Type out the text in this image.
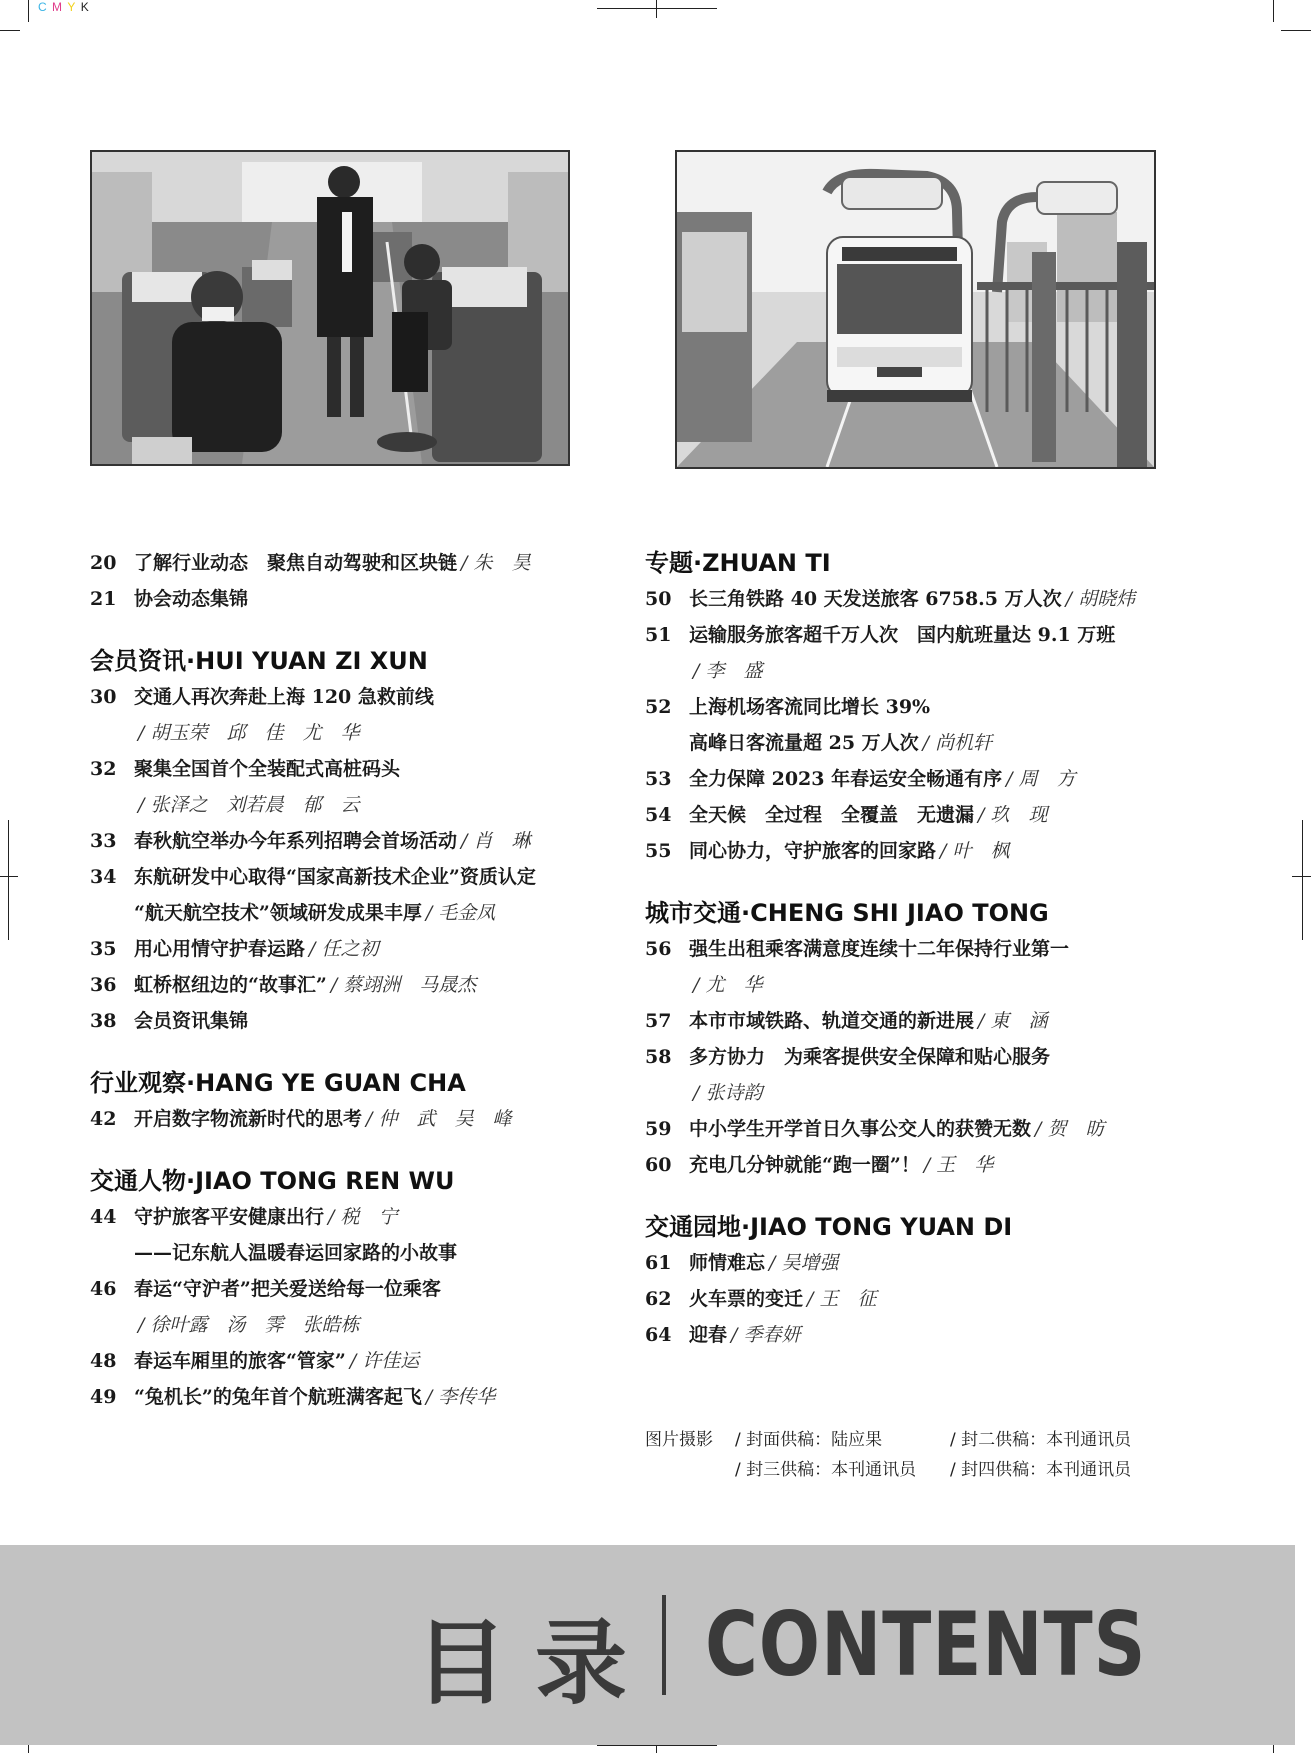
C M Y K
20 了解行业动态　聚焦自动驾驶和区块链 / 朱　昊
21 协会动态集锦
会员资讯·HUI YUAN ZI XUN
30 交通人再次奔赴上海 120 急救前线
/ 胡玉荣　邱　佳　尤　华
32 聚集全国首个全装配式高桩码头
/ 张泽之　刘若晨　郁　云
33 春秋航空举办今年系列招聘会首场活动 / 肖　琳
34 东航研发中心取得“国家高新技术企业”资质认定
“航天航空技术”领域研发成果丰厚 / 毛金凤
35 用心用情守护春运路 / 任之初
36 虹桥枢纽边的“故事汇” / 蔡翊洲　马晟杰
38 会员资讯集锦
行业观察·HANG YE GUAN CHA
42 开启数字物流新时代的思考 / 仲　武　吴　峰
交通人物·JIAO TONG REN WU
44 守护旅客平安健康出行 / 税　宁
——记东航人温暖春运回家路的小故事
46 春运“守沪者”把关爱送给每一位乘客
/ 徐叶露　汤　霁　张皓栋
48 春运车厢里的旅客“管家” / 许佳运
49 “兔机长”的兔年首个航班满客起飞 / 李传华
专题·ZHUAN TI
50 长三角铁路 40 天发送旅客 6758.5 万人次 / 胡晓炜
51 运输服务旅客超千万人次　国内航班量达 9.1 万班
/ 李　盛
52 上海机场客流同比增长 39%
高峰日客流量超 25 万人次 / 尚机轩
53 全力保障 2023 年春运安全畅通有序 / 周　方
54 全天候　全过程　全覆盖　无遗漏 / 玖　现
55 同心协力，守护旅客的回家路 / 叶　枫
城市交通·CHENG SHI JIAO TONG
56 强生出租乘客满意度连续十二年保持行业第一
/ 尤　华
57 本市市域铁路、轨道交通的新进展 / 東　涵
58 多方协力　为乘客提供安全保障和贴心服务
/ 张诗韵
59 中小学生开学首日久事公交人的获赞无数 / 贺　昉
60 充电几分钟就能“跑一圈”！ / 王　华
交通园地·JIAO TONG YUAN DI
61 师情难忘 / 吴增强
62 火车票的变迁 / 王　征
64 迎春 / 季春妍
图片摄影 / 封面供稿：陆应果	/ 封二供稿：本刊通讯员
/ 封三供稿：本刊通讯员 / 封四供稿：本刊通讯员
目录 CONTENTS
